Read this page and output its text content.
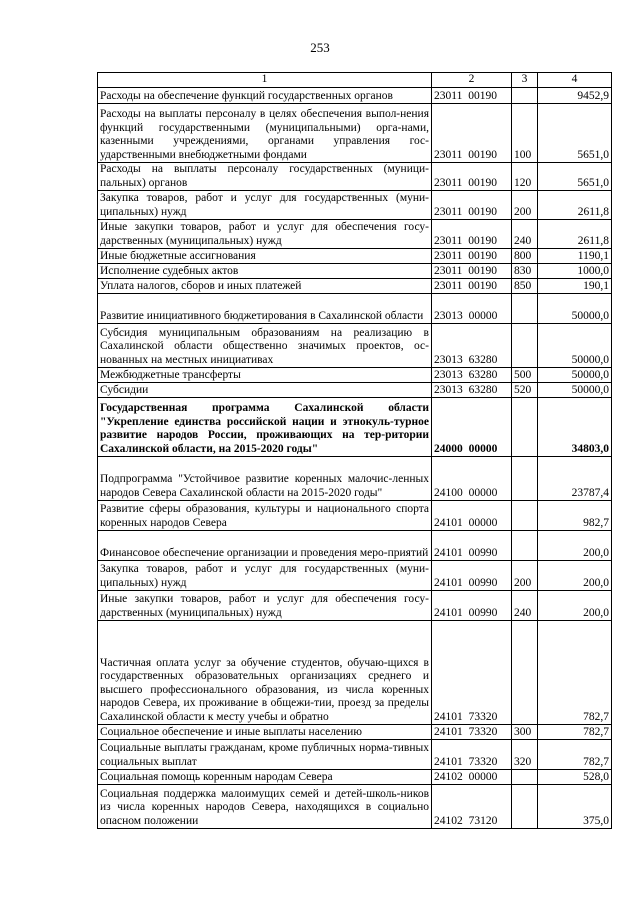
253
1	2	3	4
Расходы на обеспечение функций государственных органов	23011 00190		9452,9
Расходы на выплаты персоналу в целях обеспечения выпол-нения функций государственными (муниципальными) орга-нами, казенными учреждениями, органами управления гос-ударственными внебюджетными фондами	23011 00190	100	5651,0
Расходы на выплаты персоналу государственных (муници-пальных) органов	23011 00190	120	5651,0
Закупка товаров, работ и услуг для государственных (муни-ципальных) нужд	23011 00190	200	2611,8
Иные закупки товаров, работ и услуг для обеспечения госу-дарственных (муниципальных) нужд	23011 00190	240	2611,8
Иные бюджетные ассигнования	23011 00190	800	1190,1
Исполнение судебных актов	23011 00190	830	1000,0
Уплата налогов, сборов и иных платежей	23011 00190	850	190,1
Развитие инициативного бюджетирования в Сахалинской области	23013 00000		50000,0
Субсидия муниципальным образованиям на реализацию в Сахалинской области общественно значимых проектов, ос-нованных на местных инициативах	23013 63280		50000,0
Межбюджетные трансферты	23013 63280	500	50000,0
Субсидии	23013 63280	520	50000,0
Государственная программа Сахалинской области "Укрепление единства российской нации и этнокуль-турное развитие народов России, проживающих на тер-ритории Сахалинской области, на 2015-2020 годы"	24000 00000		34803,0
Подпрограмма "Устойчивое развитие коренных малочис-ленных народов Севера Сахалинской области на 2015-2020 годы"	24100 00000		23787,4
Развитие сферы образования, культуры и национального спорта коренных народов Севера	24101 00000		982,7
Финансовое обеспечение организации и проведения меро-приятий	24101 00990		200,0
Закупка товаров, работ и услуг для государственных (муни-ципальных) нужд	24101 00990	200	200,0
Иные закупки товаров, работ и услуг для обеспечения госу-дарственных (муниципальных) нужд	24101 00990	240	200,0
Частичная оплата услуг за обучение студентов, обучаю-щихся в государственных образовательных организациях среднего и высшего профессионального образования, из числа коренных народов Севера, их проживание в общежи-тии, проезд за пределы Сахалинской области к месту учебы и обратно	24101 73320		782,7
Социальное обеспечение и иные выплаты населению	24101 73320	300	782,7
Социальные выплаты гражданам, кроме публичных норма-тивных социальных выплат	24101 73320	320	782,7
Социальная помощь коренным народам Севера	24102 00000		528,0
Социальная поддержка малоимущих семей и детей-школь-ников из числа коренных народов Севера, находящихся в социально опасном положении	24102 73120		375,0
